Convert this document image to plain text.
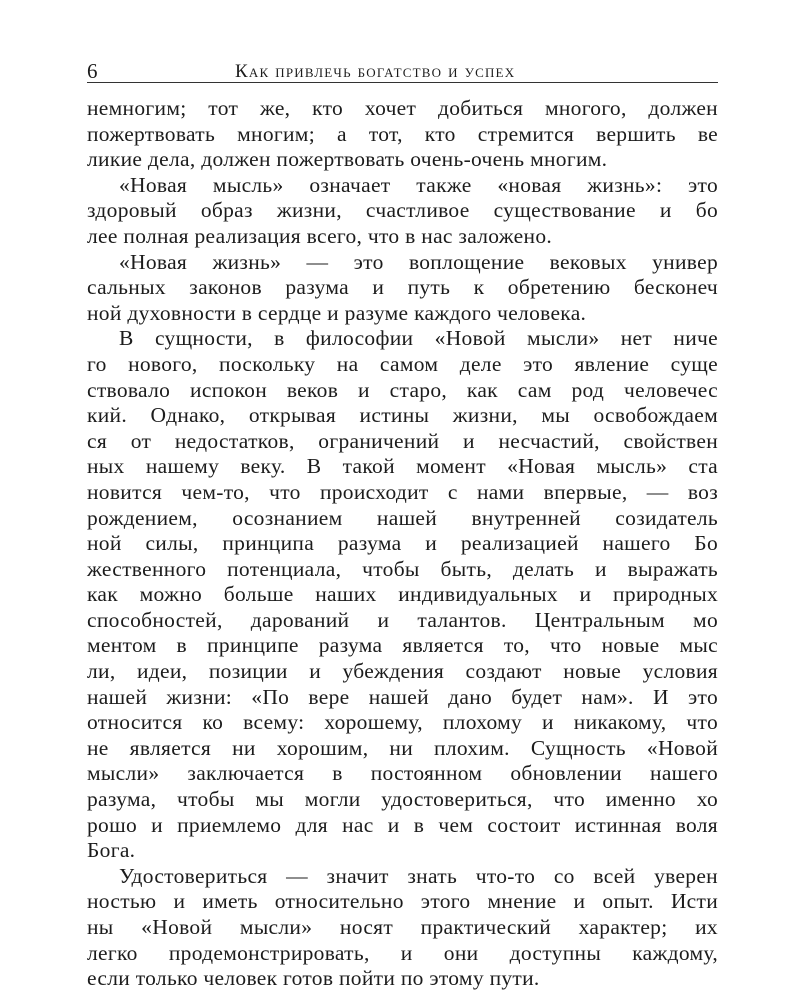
6	Как привлечь богатство и успех
немногим; тот же, кто хочет добиться многого, должен
пожертвовать многим; а тот, кто стремится вершить ве
ликие дела, должен пожертвовать очень-очень многим.
«Новая мысль» означает также «новая жизнь»: это
здоровый образ жизни, счастливое существование и бо
лее полная реализация всего, что в нас заложено.
«Новая жизнь» — это воплощение вековых универ
сальных законов разума и путь к обретению бесконеч
ной духовности в сердце и разуме каждого человека.
В сущности, в философии «Новой мысли» нет ниче
го нового, поскольку на самом деле это явление суще
ствовало испокон веков и старо, как сам род человечес
кий. Однако, открывая истины жизни, мы освобождаем
ся от недостатков, ограничений и несчастий, свойствен
ных нашему веку. В такой момент «Новая мысль» ста
новится чем-то, что происходит с нами впервые, — воз
рождением, осознанием нашей внутренней созидатель
ной силы, принципа разума и реализацией нашего Бо
жественного потенциала, чтобы быть, делать и выражать
как можно больше наших индивидуальных и природных
способностей, дарований и талантов. Центральным мо
ментом в принципе разума является то, что новые мыс
ли, идеи, позиции и убеждения создают новые условия
нашей жизни: «По вере нашей дано будет нам». И это
относится ко всему: хорошему, плохому и никакому, что
не является ни хорошим, ни плохим. Сущность «Новой
мысли» заключается в постоянном обновлении нашего
разума, чтобы мы могли удостовериться, что именно хо
рошо и приемлемо для нас и в чем состоит истинная воля
Бога.
Удостовериться — значит знать что-то со всей уверен
ностью и иметь относительно этого мнение и опыт. Исти
ны «Новой мысли» носят практический характер; их
легко продемонстрировать, и они доступны каждому,
если только человек готов пойти по этому пути.
